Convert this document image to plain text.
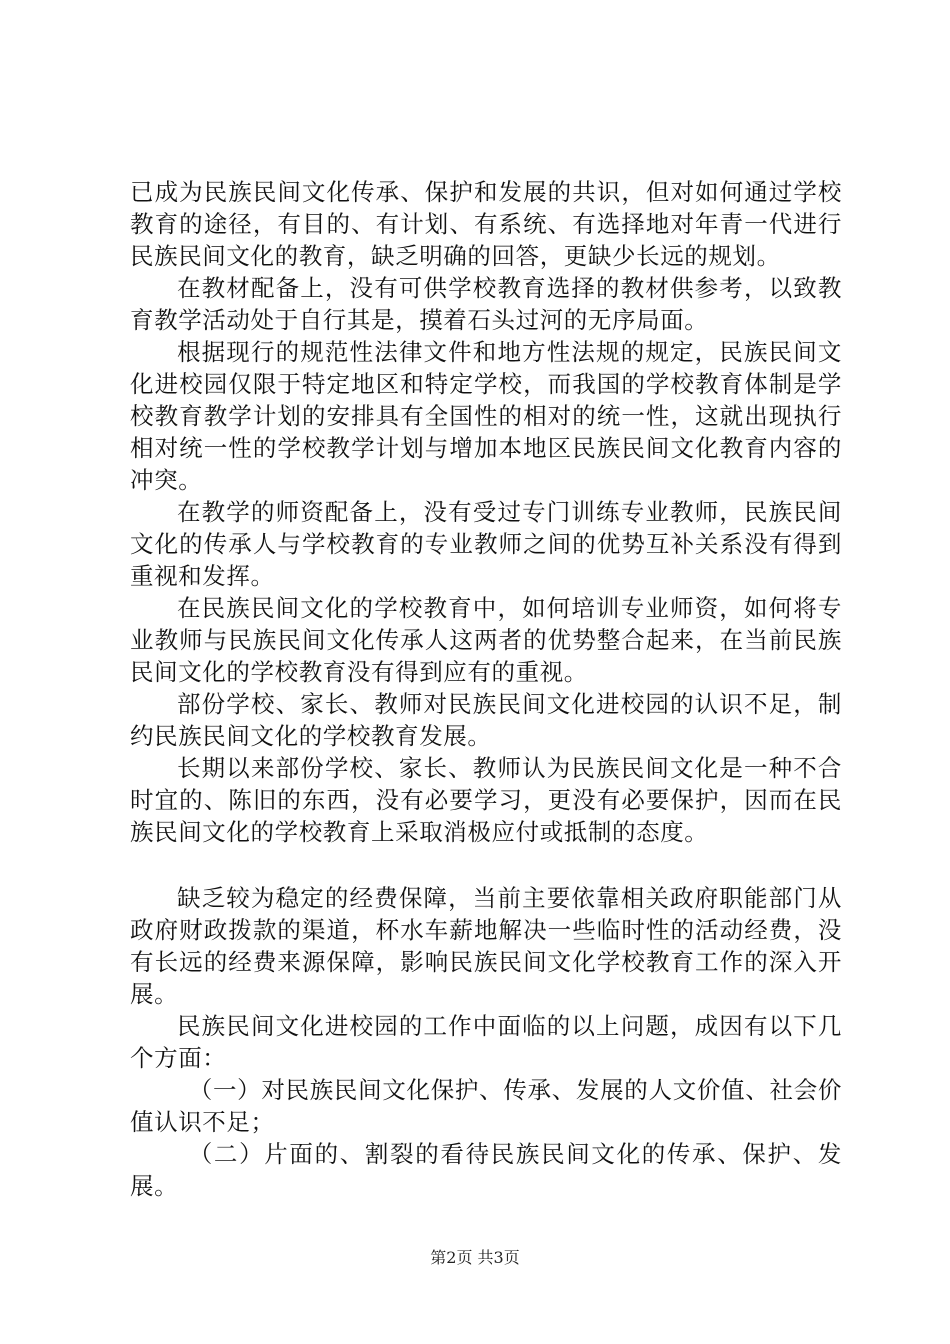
已成为民族民间文化传承、保护和发展的共识，但对如何通过学校教育的途径，有目的、有计划、有系统、有选择地对年青一代进行民族民间文化的教育，缺乏明确的回答，更缺少长远的规划。

在教材配备上，没有可供学校教育选择的教材供参考，以致教育教学活动处于自行其是，摸着石头过河的无序局面。

根据现行的规范性法律文件和地方性法规的规定，民族民间文化进校园仅限于特定地区和特定学校，而我国的学校教育体制是学校教育教学计划的安排具有全国性的相对的统一性，这就出现执行相对统一性的学校教学计划与增加本地区民族民间文化教育内容的冲突。

在教学的师资配备上，没有受过专门训练专业教师，民族民间文化的传承人与学校教育的专业教师之间的优势互补关系没有得到重视和发挥。

在民族民间文化的学校教育中，如何培训专业师资，如何将专业教师与民族民间文化传承人这两者的优势整合起来，在当前民族民间文化的学校教育没有得到应有的重视。

部份学校、家长、教师对民族民间文化进校园的认识不足，制约民族民间文化的学校教育发展。

长期以来部份学校、家长、教师认为民族民间文化是一种不合时宜的、陈旧的东西，没有必要学习，更没有必要保护，因而在民族民间文化的学校教育上采取消极应付或抵制的态度。

缺乏较为稳定的经费保障，当前主要依靠相关政府职能部门从政府财政拨款的渠道，杯水车薪地解决一些临时性的活动经费，没有长远的经费来源保障，影响民族民间文化学校教育工作的深入开展。

民族民间文化进校园的工作中面临的以上问题，成因有以下几个方面：

（一）对民族民间文化保护、传承、发展的人文价值、社会价值认识不足；

（二）片面的、割裂的看待民族民间文化的传承、保护、发展。

第2页 共3页
